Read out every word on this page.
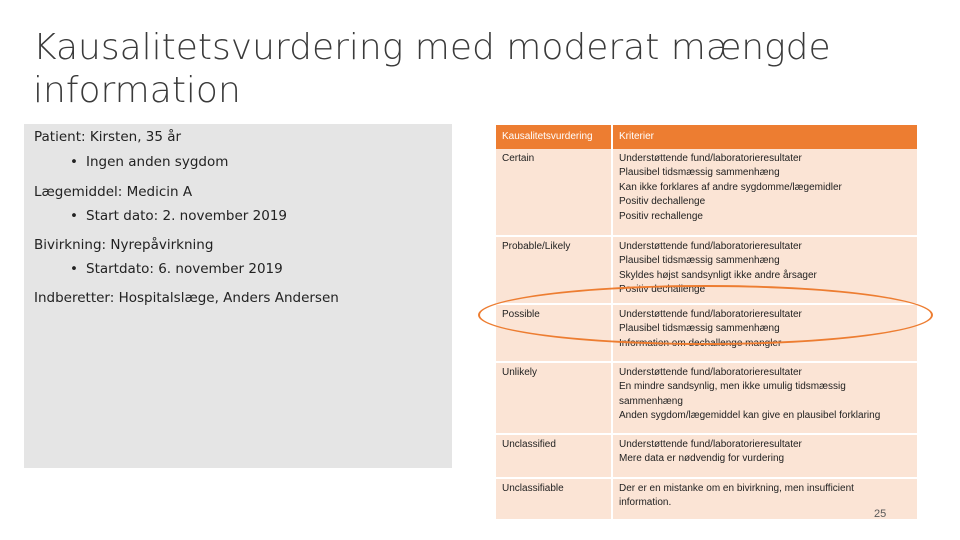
Kausalitetsvurdering med moderat mængde information
Patient: Kirsten, 35 år
• Ingen anden sygdom
Lægemiddel: Medicin A
• Start dato: 2. november 2019
Bivirkning: Nyrepåvirkning
• Startdato: 6. november 2019
Indberetter: Hospitalslæge, Anders Andersen
Kausalitetsvurdering	Kriterier
Certain	Understøttende fund/laboratorieresultater
Plausibel tidsmæssig sammenhæng
Kan ikke forklares af andre sygdomme/lægemidler
Positiv dechallenge
Positiv rechallenge

Probable/Likely	Understøttende fund/laboratorieresultater
Plausibel tidsmæssig sammenhæng
Skyldes højst sandsynligt ikke andre årsager
Positiv dechallenge

Possible	Understøttende fund/laboratorieresultater
Plausibel tidsmæssig sammenhæng
Information om dechallenge mangler

Unlikely	Understøttende fund/laboratorieresultater
En mindre sandsynlig, men ikke umulig tidsmæssig
sammenhæng
Anden sygdom/lægemiddel kan give en plausibel forklaring

Unclassified	Understøttende fund/laboratorieresultater
Mere data er nødvendig for vurdering

Unclassifiable	Der er en mistanke om en bivirkning, men insufficient
information.
25
